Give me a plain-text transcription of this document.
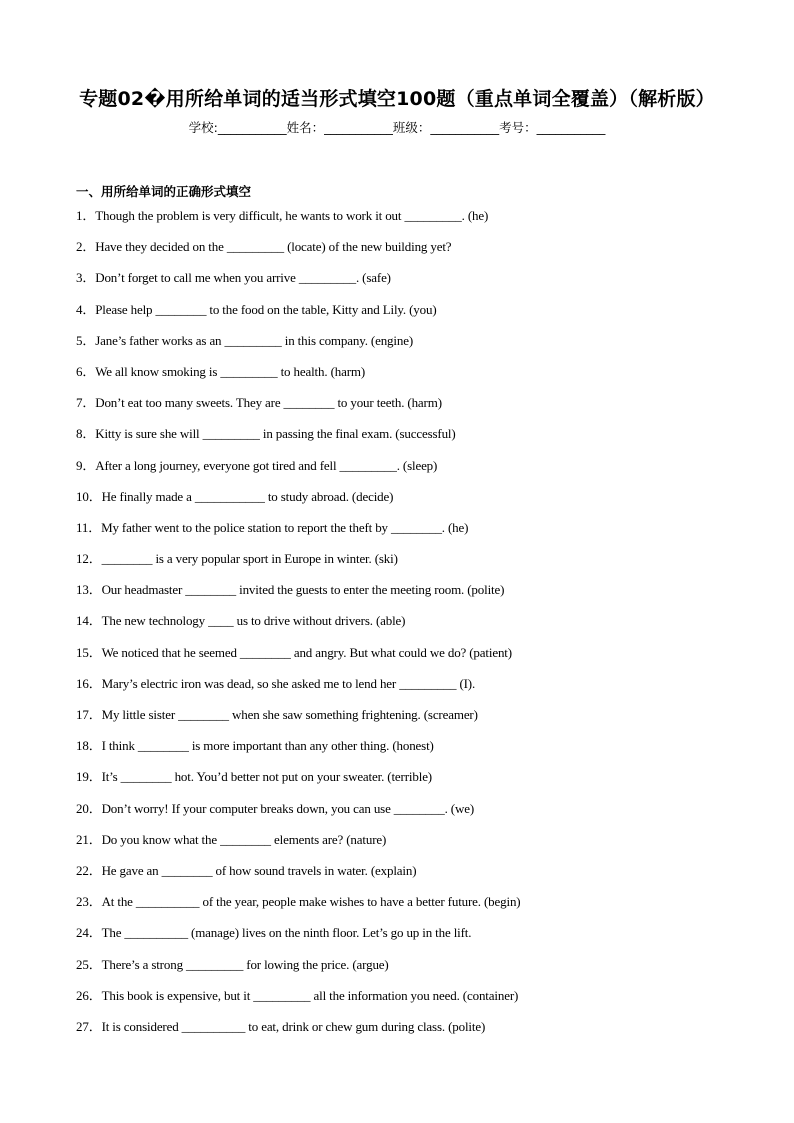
专题02�用所给单词的适当形式填空100题（重点单词全覆盖）（解析版）
学校:___________姓名：___________班级：___________考号：___________
一、用所给单词的正确形式填空
1．Though the problem is very difficult, he wants to work it out _________. (he)
2．Have they decided on the _________ (locate) of the new building yet?
3．Don’t forget to call me when you arrive _________. (safe)
4．Please help ________ to the food on the table, Kitty and Lily. (you)
5．Jane’s father works as an _________ in this company. (engine)
6．We all know smoking is _________ to health. (harm)
7．Don’t eat too many sweets. They are ________ to your teeth. (harm)
8．Kitty is sure she will _________ in passing the final exam. (successful)
9．After a long journey, everyone got tired and fell _________. (sleep)
10．He finally made a ___________ to study abroad. (decide)
11．My father went to the police station to report the theft by ________. (he)
12．________ is a very popular sport in Europe in winter. (ski)
13．Our headmaster ________ invited the guests to enter the meeting room. (polite)
14．The new technology ____ us to drive without drivers. (able)
15．We noticed that he seemed ________ and angry. But what could we do? (patient)
16．Mary’s electric iron was dead, so she asked me to lend her _________ (I).
17．My little sister ________ when she saw something frightening. (screamer)
18．I think ________ is more important than any other thing. (honest)
19．It’s ________ hot. You’d better not put on your sweater. (terrible)
20．Don’t worry! If your computer breaks down, you can use ________. (we)
21．Do you know what the ________ elements are? (nature)
22．He gave an ________ of how sound travels in water. (explain)
23．At the __________ of the year, people make wishes to have a better future. (begin)
24．The __________ (manage) lives on the ninth floor. Let’s go up in the lift.
25．There’s a strong _________ for lowing the price. (argue)
26．This book is expensive, but it _________ all the information you need. (container)
27．It is considered __________ to eat, drink or chew gum during class. (polite)
